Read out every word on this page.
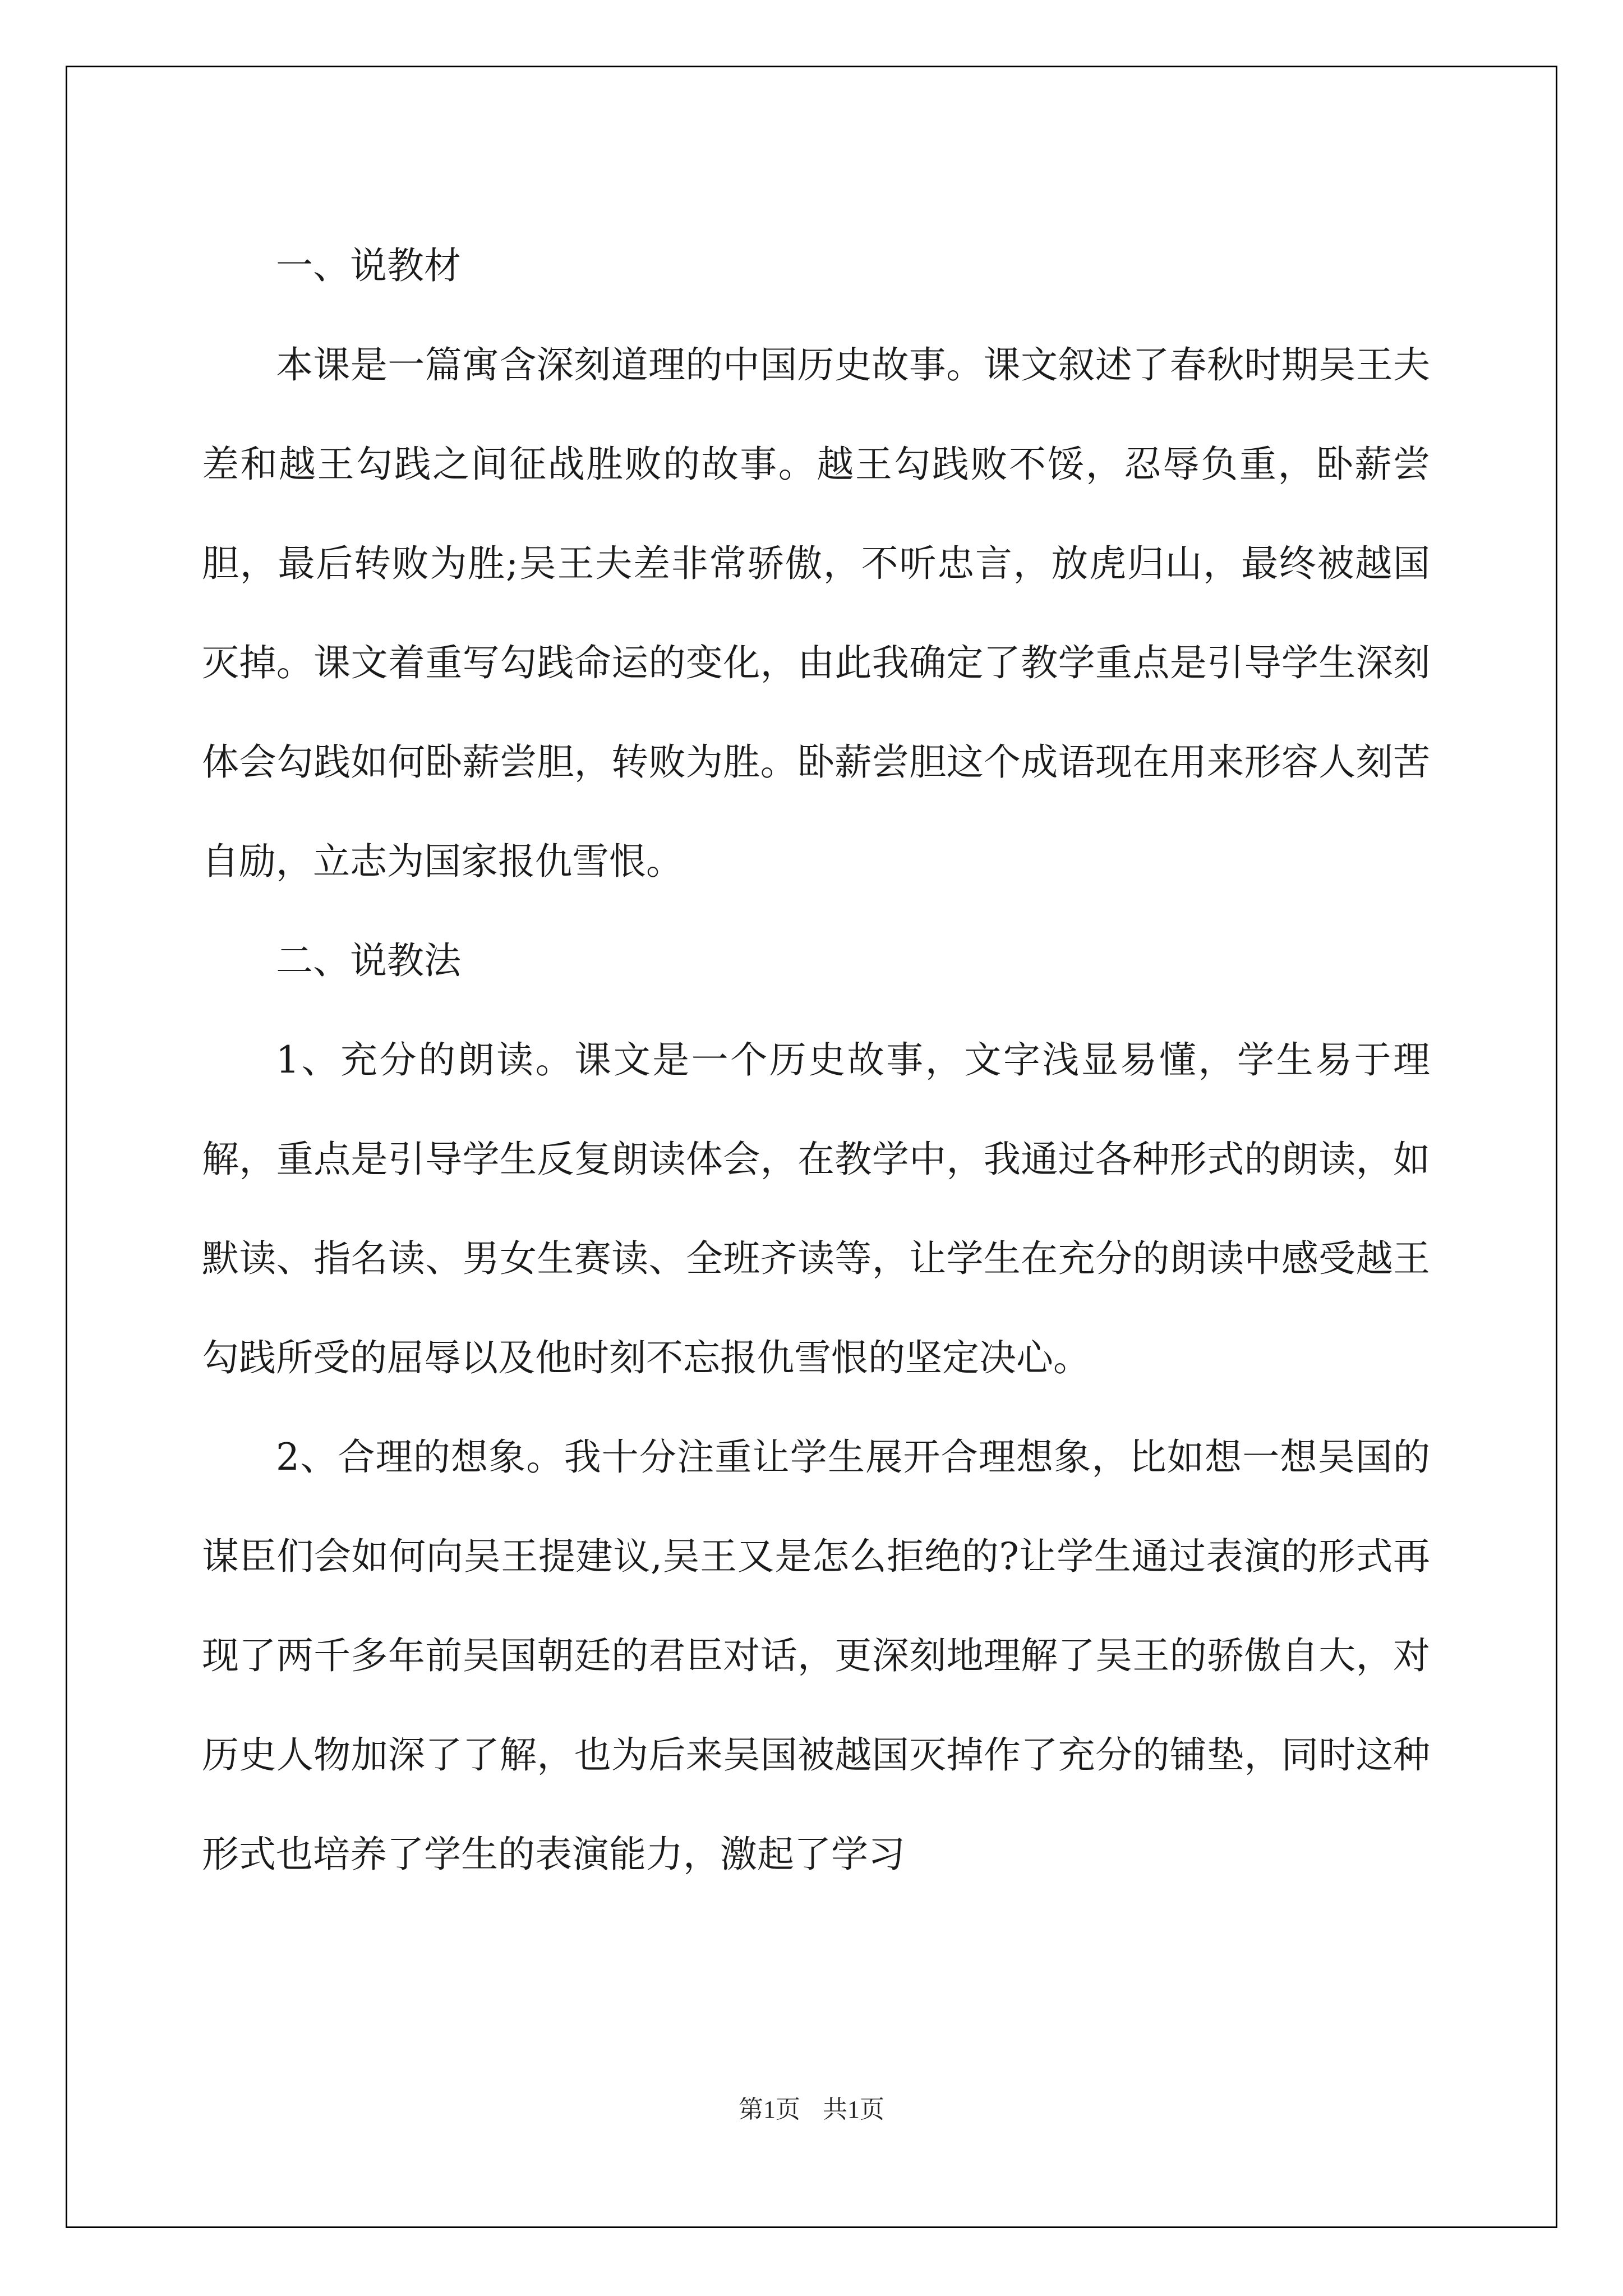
一、说教材

本课是一篇寓含深刻道理的中国历史故事。课文叙述了春秋时期吴王夫差和越王勾践之间征战胜败的故事。越王勾践败不馁，忍辱负重，卧薪尝胆，最后转败为胜;吴王夫差非常骄傲，不听忠言，放虎归山，最终被越国灭掉。课文着重写勾践命运的变化，由此我确定了教学重点是引导学生深刻体会勾践如何卧薪尝胆，转败为胜。卧薪尝胆这个成语现在用来形容人刻苦自励，立志为国家报仇雪恨。

二、说教法

1、充分的朗读。课文是一个历史故事，文字浅显易懂，学生易于理解，重点是引导学生反复朗读体会，在教学中，我通过各种形式的朗读，如默读、指名读、男女生赛读、全班齐读等，让学生在充分的朗读中感受越王勾践所受的屈辱以及他时刻不忘报仇雪恨的坚定决心。

2、合理的想象。我十分注重让学生展开合理想象，比如想一想吴国的谋臣们会如何向吴王提建议,吴王又是怎么拒绝的?让学生通过表演的形式再现了两千多年前吴国朝廷的君臣对话，更深刻地理解了吴王的骄傲自大，对历史人物加深了了解，也为后来吴国被越国灭掉作了充分的铺垫，同时这种形式也培养了学生的表演能力，激起了学习

第1页 共1页
